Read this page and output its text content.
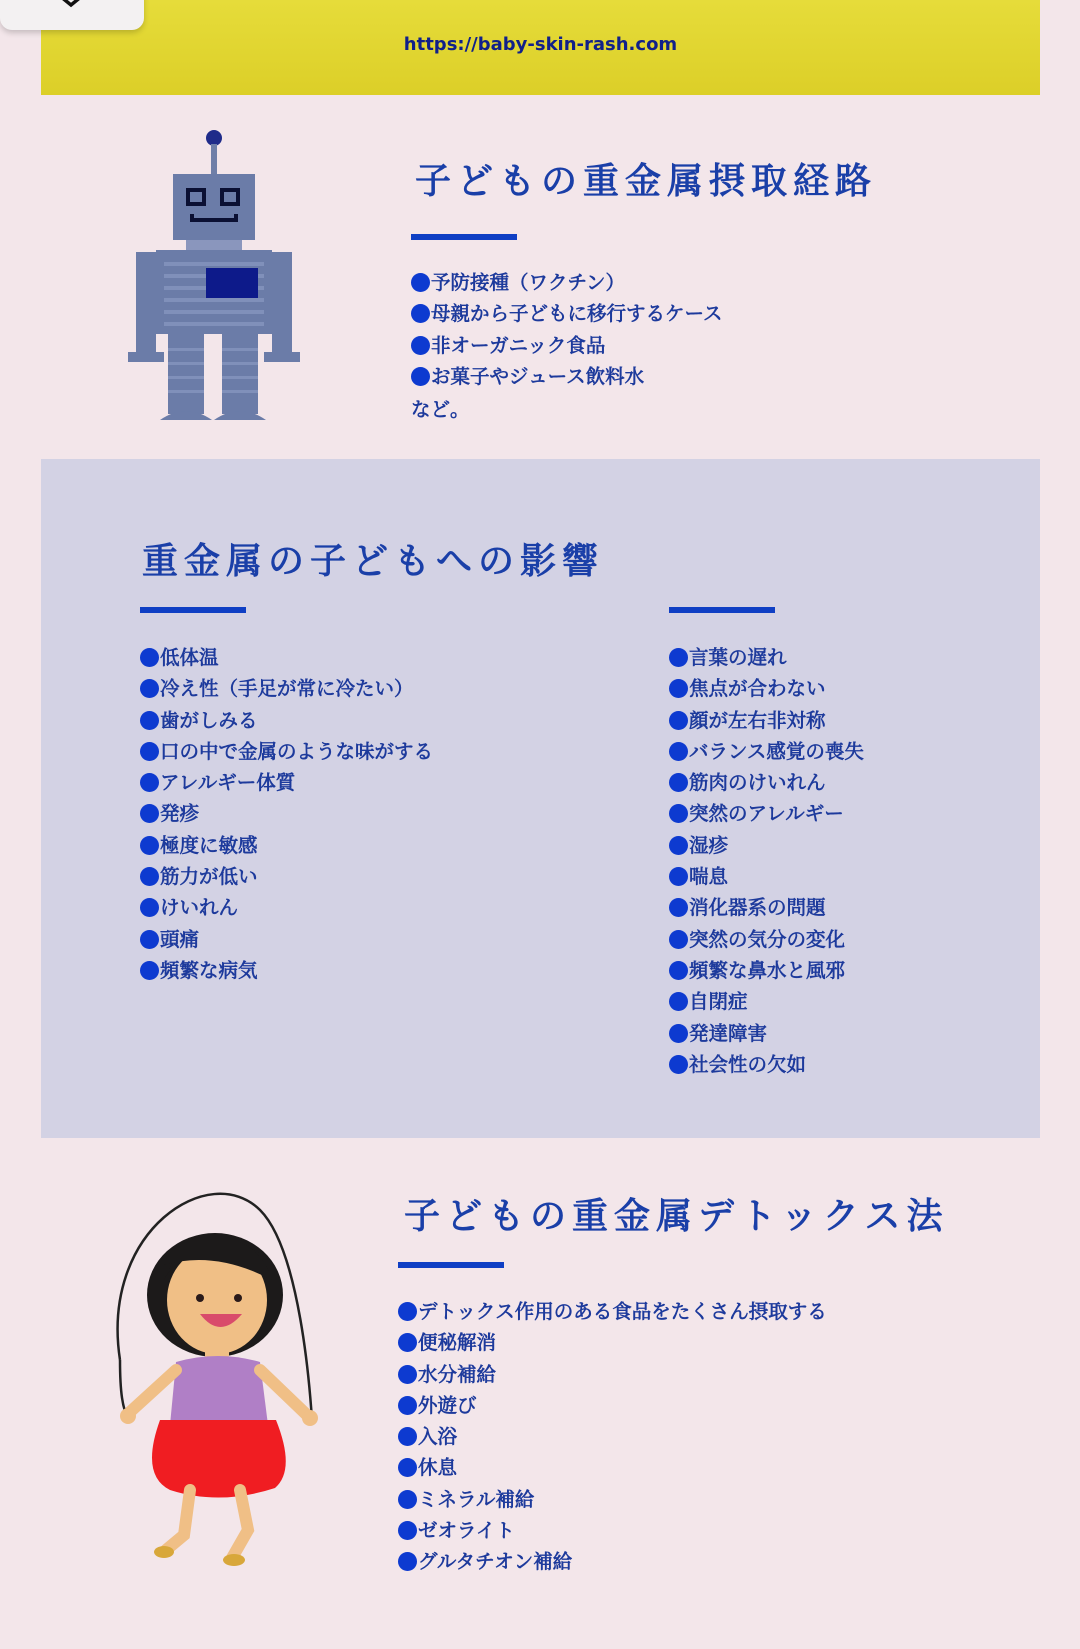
https://baby-skin-rash.com
子どもの重金属摂取経路
予防接種（ワクチン）
母親から子どもに移行するケース
非オーガニック食品
お菓子やジュース飲料水
など。
重金属の子どもへの影響
低体温
冷え性（手足が常に冷たい）
歯がしみる
口の中で金属のような味がする
アレルギー体質
発疹
極度に敏感
筋力が低い
けいれん
頭痛
頻繁な病気
言葉の遅れ
焦点が合わない
顔が左右非対称
バランス感覚の喪失
筋肉のけいれん
突然のアレルギー
湿疹
喘息
消化器系の問題
突然の気分の変化
頻繁な鼻水と風邪
自閉症
発達障害
社会性の欠如
子どもの重金属デトックス法
デトックス作用のある食品をたくさん摂取する
便秘解消
水分補給
外遊び
入浴
休息
ミネラル補給
ゼオライト
グルタチオン補給
